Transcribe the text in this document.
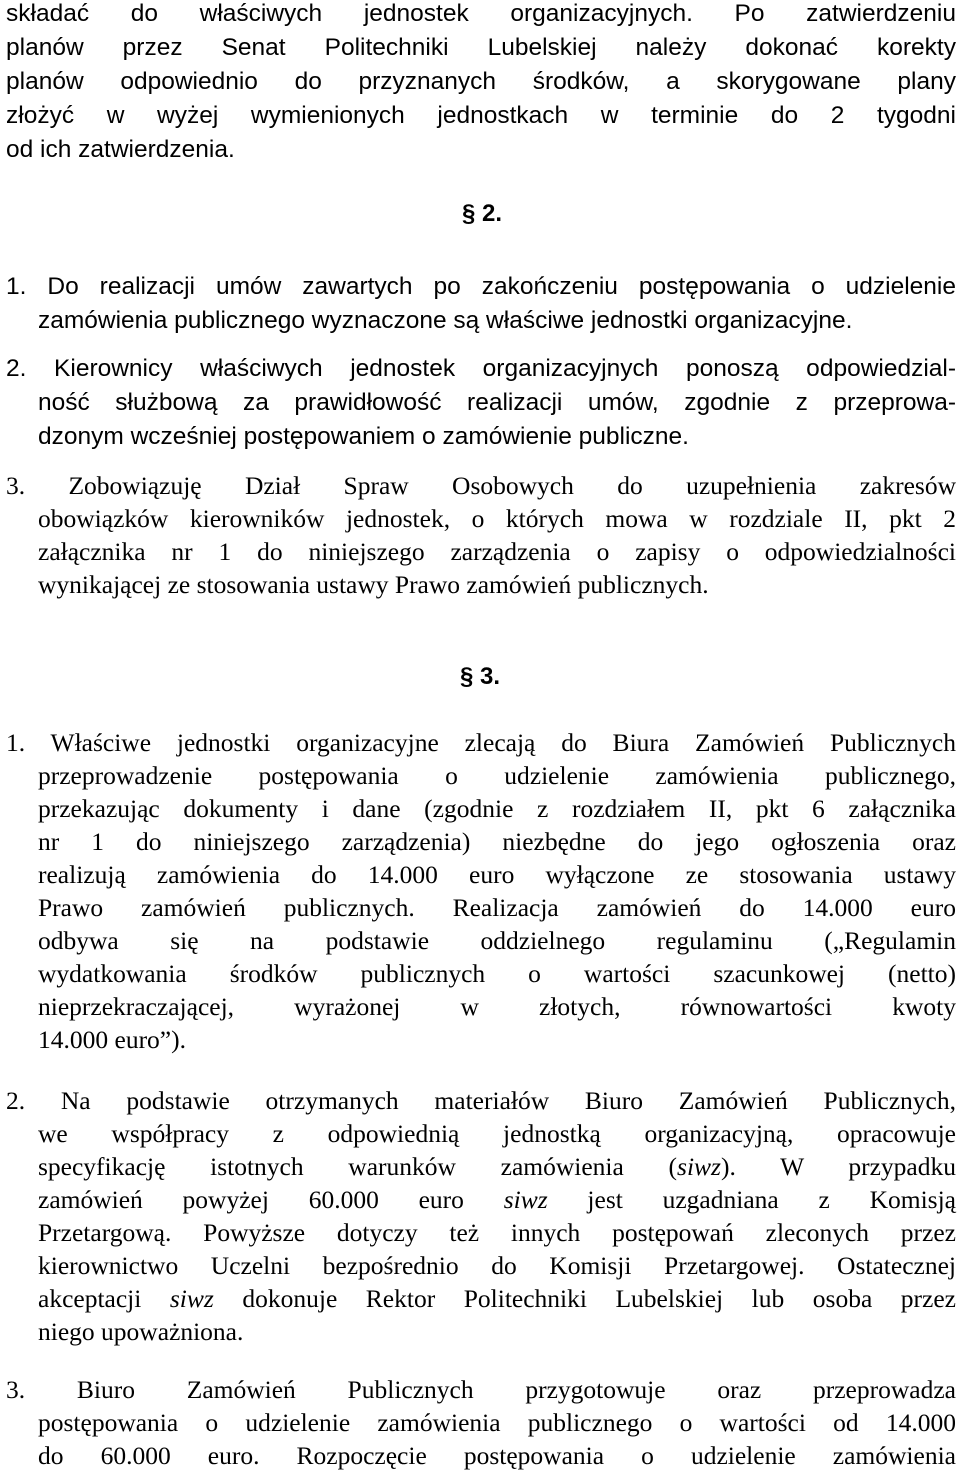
składać do właściwych jednostek organizacyjnych. Po zatwierdzeniu
planów przez Senat Politechniki Lubelskiej należy dokonać korekty
planów odpowiednio do przyznanych środków, a skorygowane plany
złożyć w wyżej wymienionych jednostkach w terminie do 2 tygodni
od ich zatwierdzenia.
§ 2.
1. Do realizacji umów zawartych po zakończeniu postępowania o udzielenie
zamówienia publicznego wyznaczone są właściwe jednostki organizacyjne.
2. Kierownicy właściwych jednostek organizacyjnych ponoszą odpowiedzial-
ność służbową za prawidłowość realizacji umów, zgodnie z przeprowa-
dzonym wcześniej postępowaniem o zamówienie publiczne.
3. Zobowiązuję Dział Spraw Osobowych do uzupełnienia zakresów
obowiązków kierowników jednostek, o których mowa w rozdziale II, pkt 2
załącznika nr 1 do niniejszego zarządzenia o zapisy o odpowiedzialności
wynikającej ze stosowania ustawy Prawo zamówień publicznych.
§ 3.
1. Właściwe jednostki organizacyjne zlecają do Biura Zamówień Publicznych
przeprowadzenie postępowania o udzielenie zamówienia publicznego,
przekazując dokumenty i dane (zgodnie z rozdziałem II, pkt 6 załącznika
nr 1 do niniejszego zarządzenia) niezbędne do jego ogłoszenia oraz
realizują zamówienia do 14.000 euro wyłączone ze stosowania ustawy
Prawo zamówień publicznych. Realizacja zamówień do 14.000 euro
odbywa się na podstawie oddzielnego regulaminu („Regulamin
wydatkowania środków publicznych o wartości szacunkowej (netto)
nieprzekraczającej, wyrażonej w złotych, równowartości kwoty
14.000 euro”).
2. Na podstawie otrzymanych materiałów Biuro Zamówień Publicznych,
we współpracy z odpowiednią jednostką organizacyjną, opracowuje
specyfikację istotnych warunków zamówienia (siwz). W przypadku
zamówień powyżej 60.000 euro siwz jest uzgadniana z Komisją
Przetargową. Powyższe dotyczy też innych postępowań zleconych przez
kierownictwo Uczelni bezpośrednio do Komisji Przetargowej. Ostatecznej
akceptacji siwz dokonuje Rektor Politechniki Lubelskiej lub osoba przez
niego upoważniona.
3. Biuro Zamówień Publicznych przygotowuje oraz przeprowadza
postępowania o udzielenie zamówienia publicznego o wartości od 14.000
do 60.000 euro. Rozpoczęcie postępowania o udzielenie zamówienia
